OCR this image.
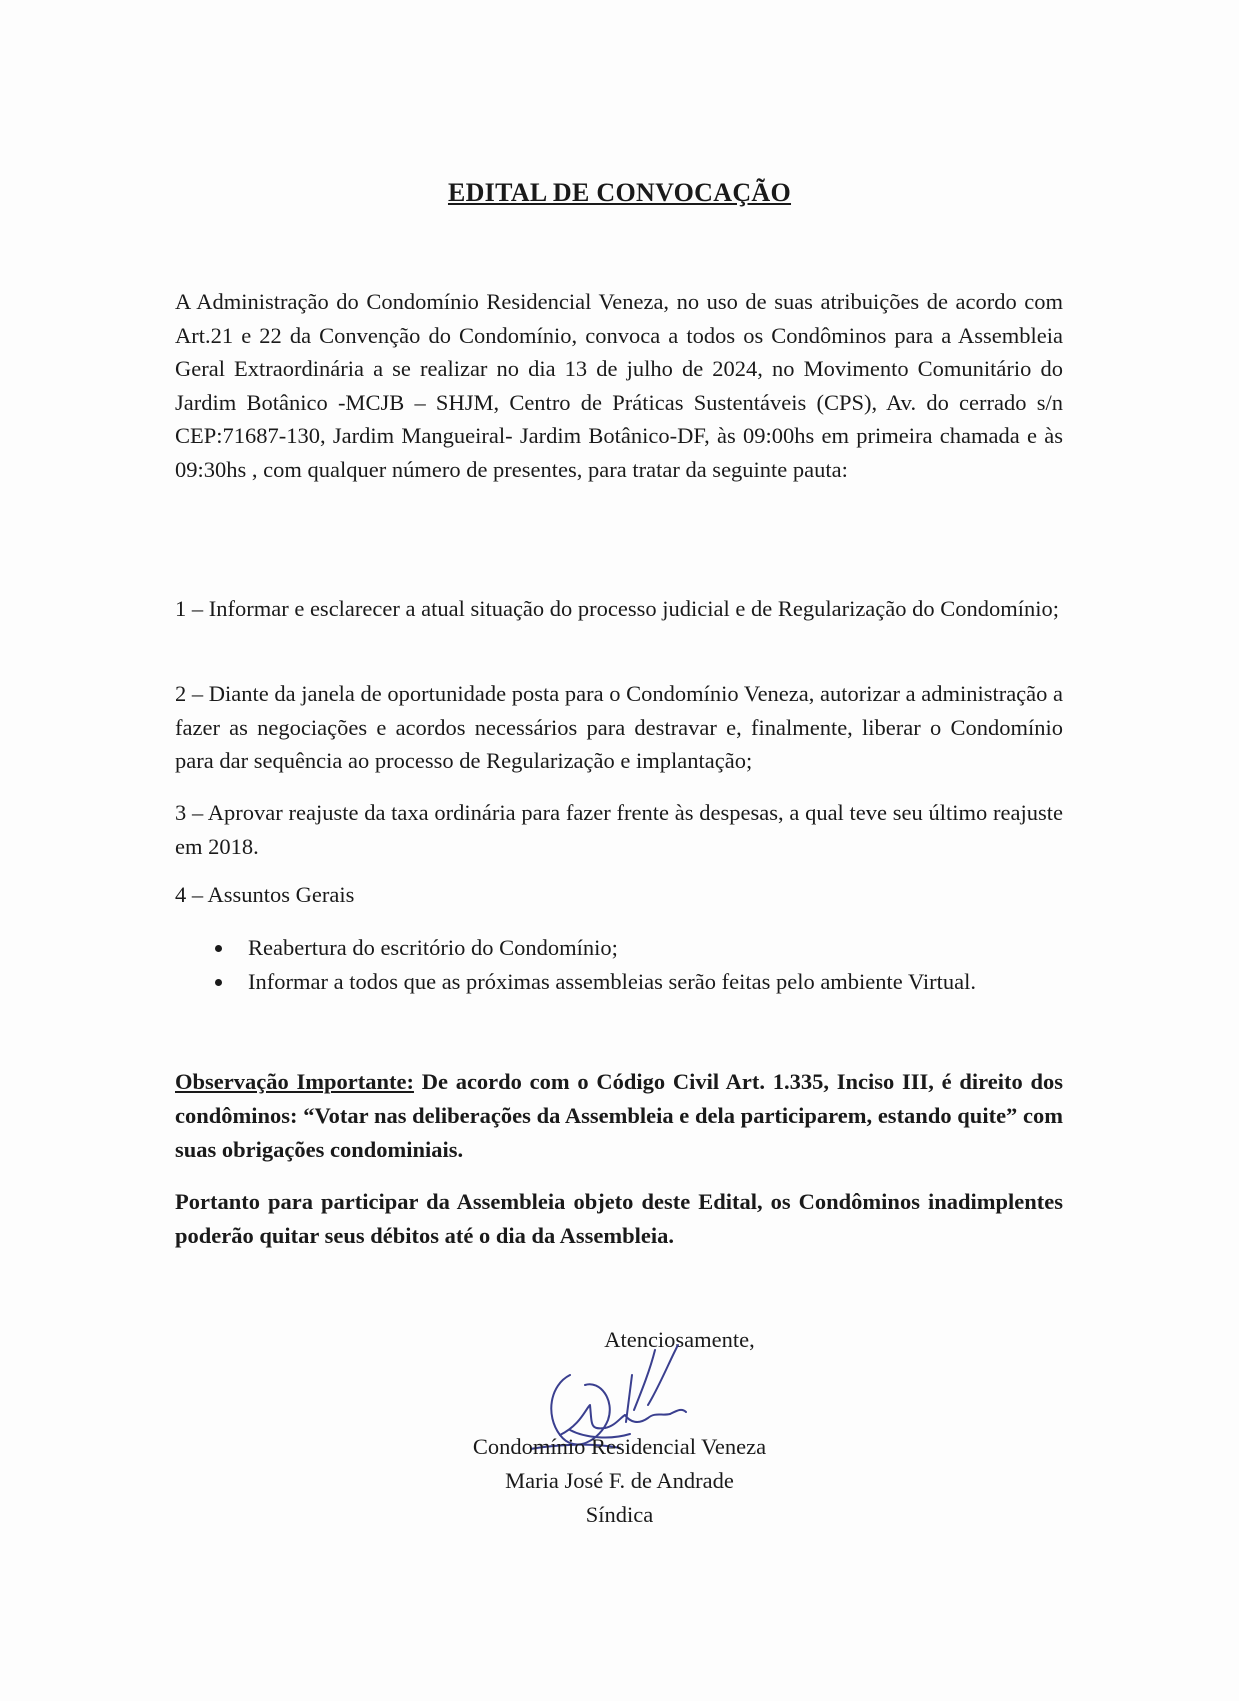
EDITAL DE CONVOCAÇÃO

A Administração do Condomínio Residencial Veneza, no uso de suas atribuições de acordo com Art.21 e 22 da Convenção do Condomínio, convoca a todos os Condôminos para a Assembleia Geral Extraordinária a se realizar no dia 13 de julho de 2024, no Movimento Comunitário do Jardim Botânico -MCJB – SHJM, Centro de Práticas Sustentáveis (CPS), Av. do cerrado s/n CEP:71687-130, Jardim Mangueiral- Jardim Botânico-DF, às 09:00hs em primeira chamada e às 09:30hs , com qualquer número de presentes, para tratar da seguinte pauta:

1 – Informar e esclarecer a atual situação do processo judicial e de Regularização do Condomínio;

2 – Diante da janela de oportunidade posta para o Condomínio Veneza, autorizar a administração a fazer as negociações e acordos necessários para destravar e, finalmente, liberar o Condomínio para dar sequência ao processo de Regularização e implantação;

3 – Aprovar reajuste da taxa ordinária para fazer frente às despesas, a qual teve seu último reajuste em 2018.

4 – Assuntos Gerais

Reabertura do escritório do Condomínio;
Informar a todos que as próximas assembleias serão feitas pelo ambiente Virtual.

Observação Importante: De acordo com o Código Civil Art. 1.335, Inciso III, é direito dos condôminos: “Votar nas deliberações da Assembleia e dela participarem, estando quite” com suas obrigações condominiais.

Portanto para participar da Assembleia objeto deste Edital, os Condôminos inadimplentes poderão quitar seus débitos até o dia da Assembleia.

Atenciosamente,
Condomínio Residencial Veneza
Maria José F. de Andrade
Síndica
